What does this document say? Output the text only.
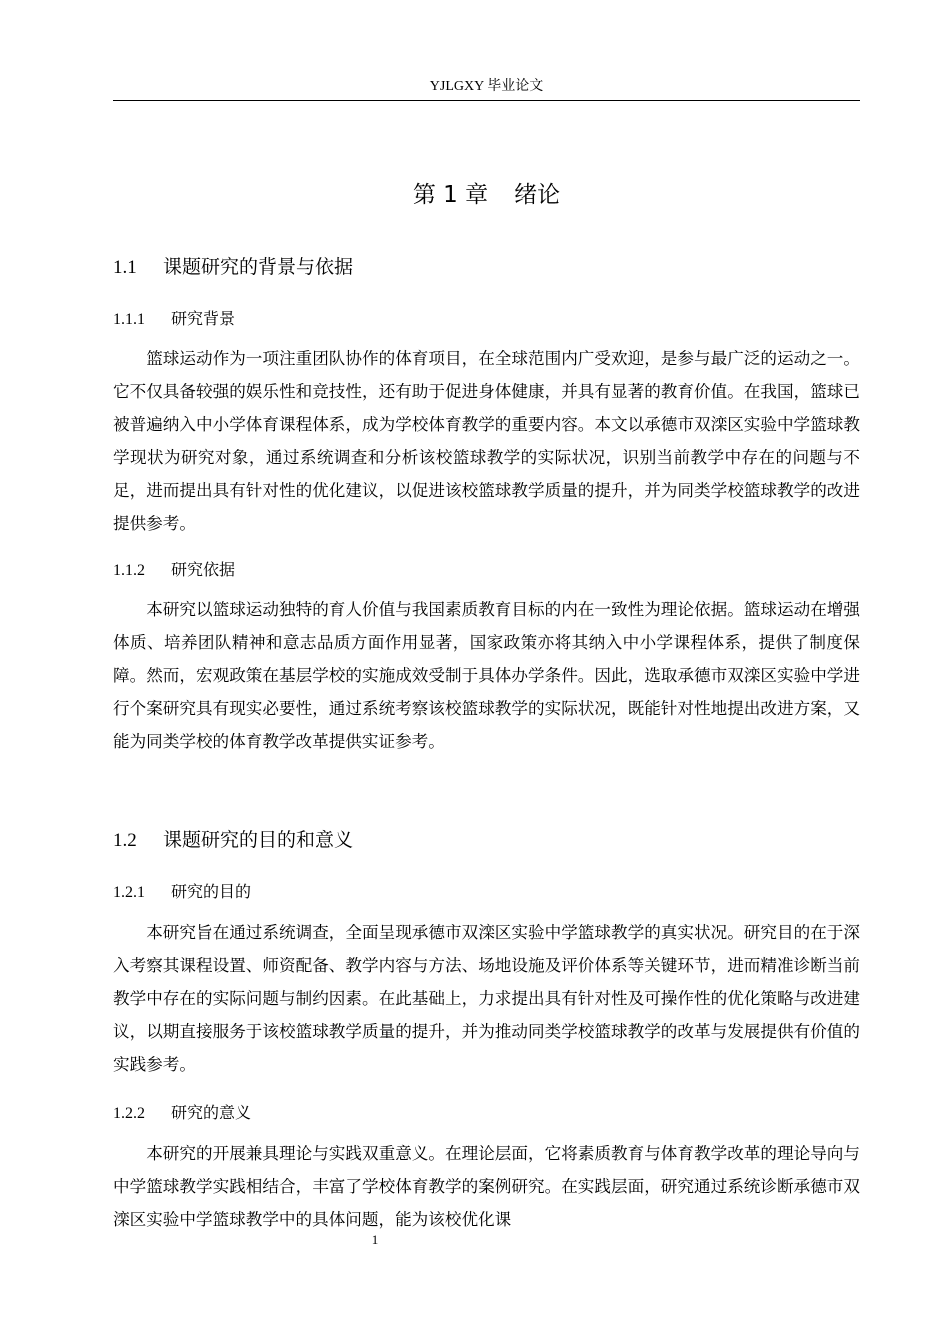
YJLGXY 毕业论文
第 1 章 绪论
1.1 课题研究的背景与依据
1.1.1 研究背景

篮球运动作为一项注重团队协作的体育项目，在全球范围内广受欢迎，是参与最广泛的运动之一。它不仅具备较强的娱乐性和竞技性，还有助于促进身体健康，并具有显著的教育价值。在我国，篮球已被普遍纳入中小学体育课程体系，成为学校体育教学的重要内容。本文以承德市双滦区实验中学篮球教学现状为研究对象，通过系统调查和分析该校篮球教学的实际状况，识别当前教学中存在的问题与不足，进而提出具有针对性的优化建议，以促进该校篮球教学质量的提升，并为同类学校篮球教学的改进提供参考。

1.1.2 研究依据

本研究以篮球运动独特的育人价值与我国素质教育目标的内在一致性为理论依据。篮球运动在增强体质、培养团队精神和意志品质方面作用显著，国家政策亦将其纳入中小学课程体系，提供了制度保障。然而，宏观政策在基层学校的实施成效受制于具体办学条件。因此，选取承德市双滦区实验中学进行个案研究具有现实必要性，通过系统考察该校篮球教学的实际状况，既能针对性地提出改进方案，又能为同类学校的体育教学改革提供实证参考。

1.2 课题研究的目的和意义
1.2.1 研究的目的

本研究旨在通过系统调查，全面呈现承德市双滦区实验中学篮球教学的真实状况。研究目的在于深入考察其课程设置、师资配备、教学内容与方法、场地设施及评价体系等关键环节，进而精准诊断当前教学中存在的实际问题与制约因素。在此基础上，力求提出具有针对性及可操作性的优化策略与改进建议，以期直接服务于该校篮球教学质量的提升，并为推动同类学校篮球教学的改革与发展提供有价值的实践参考。

1.2.2 研究的意义

本研究的开展兼具理论与实践双重意义。在理论层面，它将素质教育与体育教学改革的理论导向与中学篮球教学实践相结合，丰富了学校体育教学的案例研究。在实践层面，研究通过系统诊断承德市双滦区实验中学篮球教学中的具体问题，能为该校优化课

1
